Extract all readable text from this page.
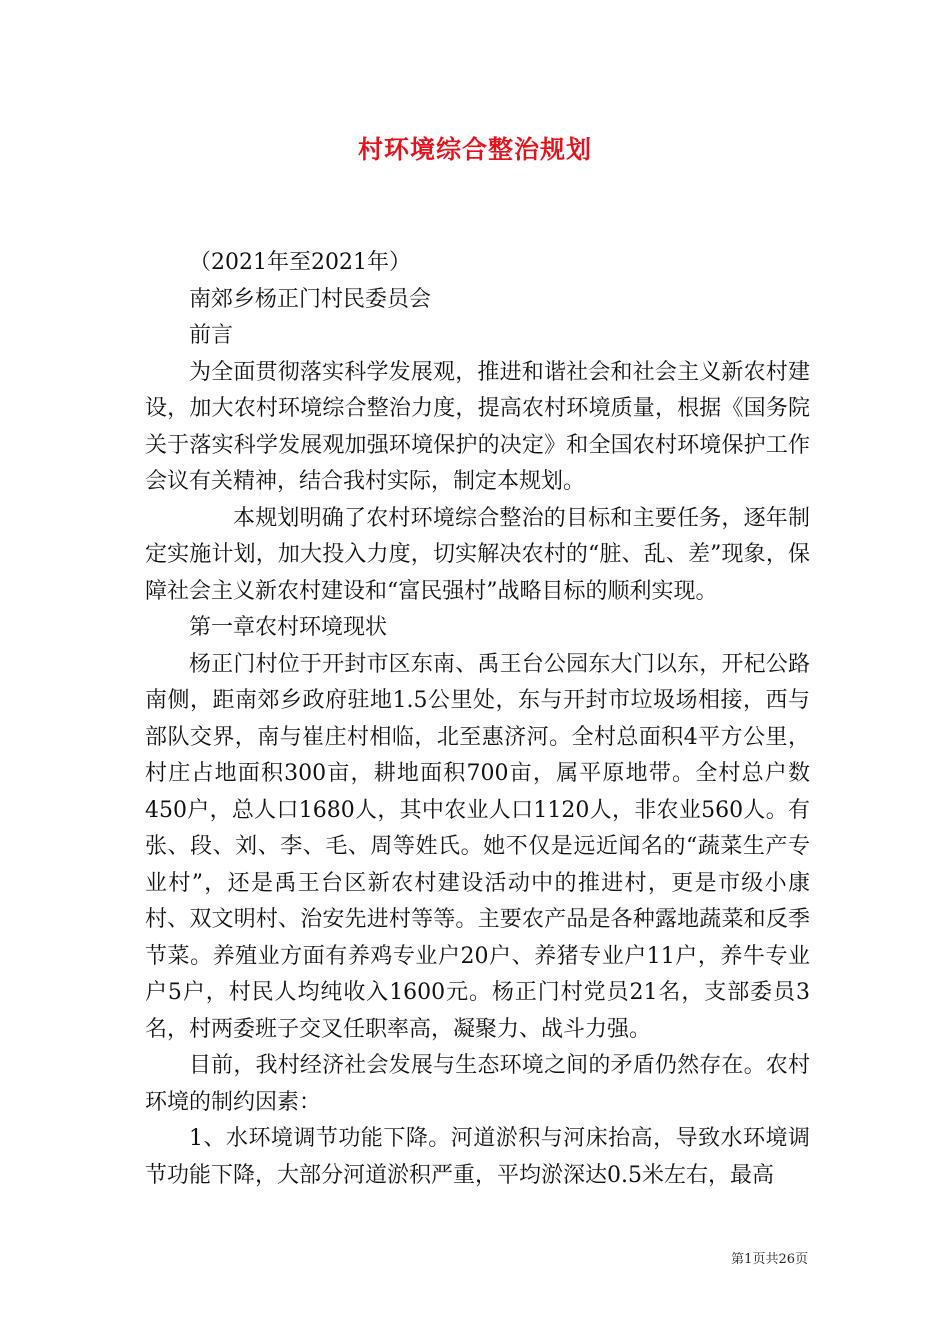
村环境综合整治规划

（2021年至2021年）

南郊乡杨正门村民委员会

前言

为全面贯彻落实科学发展观，推进和谐社会和社会主义新农村建设，加大农村环境综合整治力度，提高农村环境质量，根据《国务院关于落实科学发展观加强环境保护的决定》和全国农村环境保护工作会议有关精神，结合我村实际，制定本规划。

本规划明确了农村环境综合整治的目标和主要任务，逐年制定实施计划，加大投入力度，切实解决农村的“脏、乱、差”现象，保障社会主义新农村建设和“富民强村”战略目标的顺利实现。

第一章农村环境现状

杨正门村位于开封市区东南、禹王台公园东大门以东，开杞公路南侧，距南郊乡政府驻地1.5公里处，东与开封市垃圾场相接，西与部队交界，南与崔庄村相临，北至惠济河。全村总面积4平方公里，村庄占地面积300亩，耕地面积700亩，属平原地带。全村总户数450户，总人口1680人，其中农业人口1120人，非农业560人。有张、段、刘、李、毛、周等姓氏。她不仅是远近闻名的“蔬菜生产专业村”，还是禹王台区新农村建设活动中的推进村，更是市级小康村、双文明村、治安先进村等等。主要农产品是各种露地蔬菜和反季节菜。养殖业方面有养鸡专业户20户、养猪专业户11户，养牛专业户5户，村民人均纯收入1600元。杨正门村党员21名，支部委员3名，村两委班子交叉任职率高，凝聚力、战斗力强。

目前，我村经济社会发展与生态环境之间的矛盾仍然存在。农村环境的制约因素：

1、水环境调节功能下降。河道淤积与河床抬高，导致水环境调节功能下降，大部分河道淤积严重，平均淤深达0.5米左右，最高

第1页共26页
